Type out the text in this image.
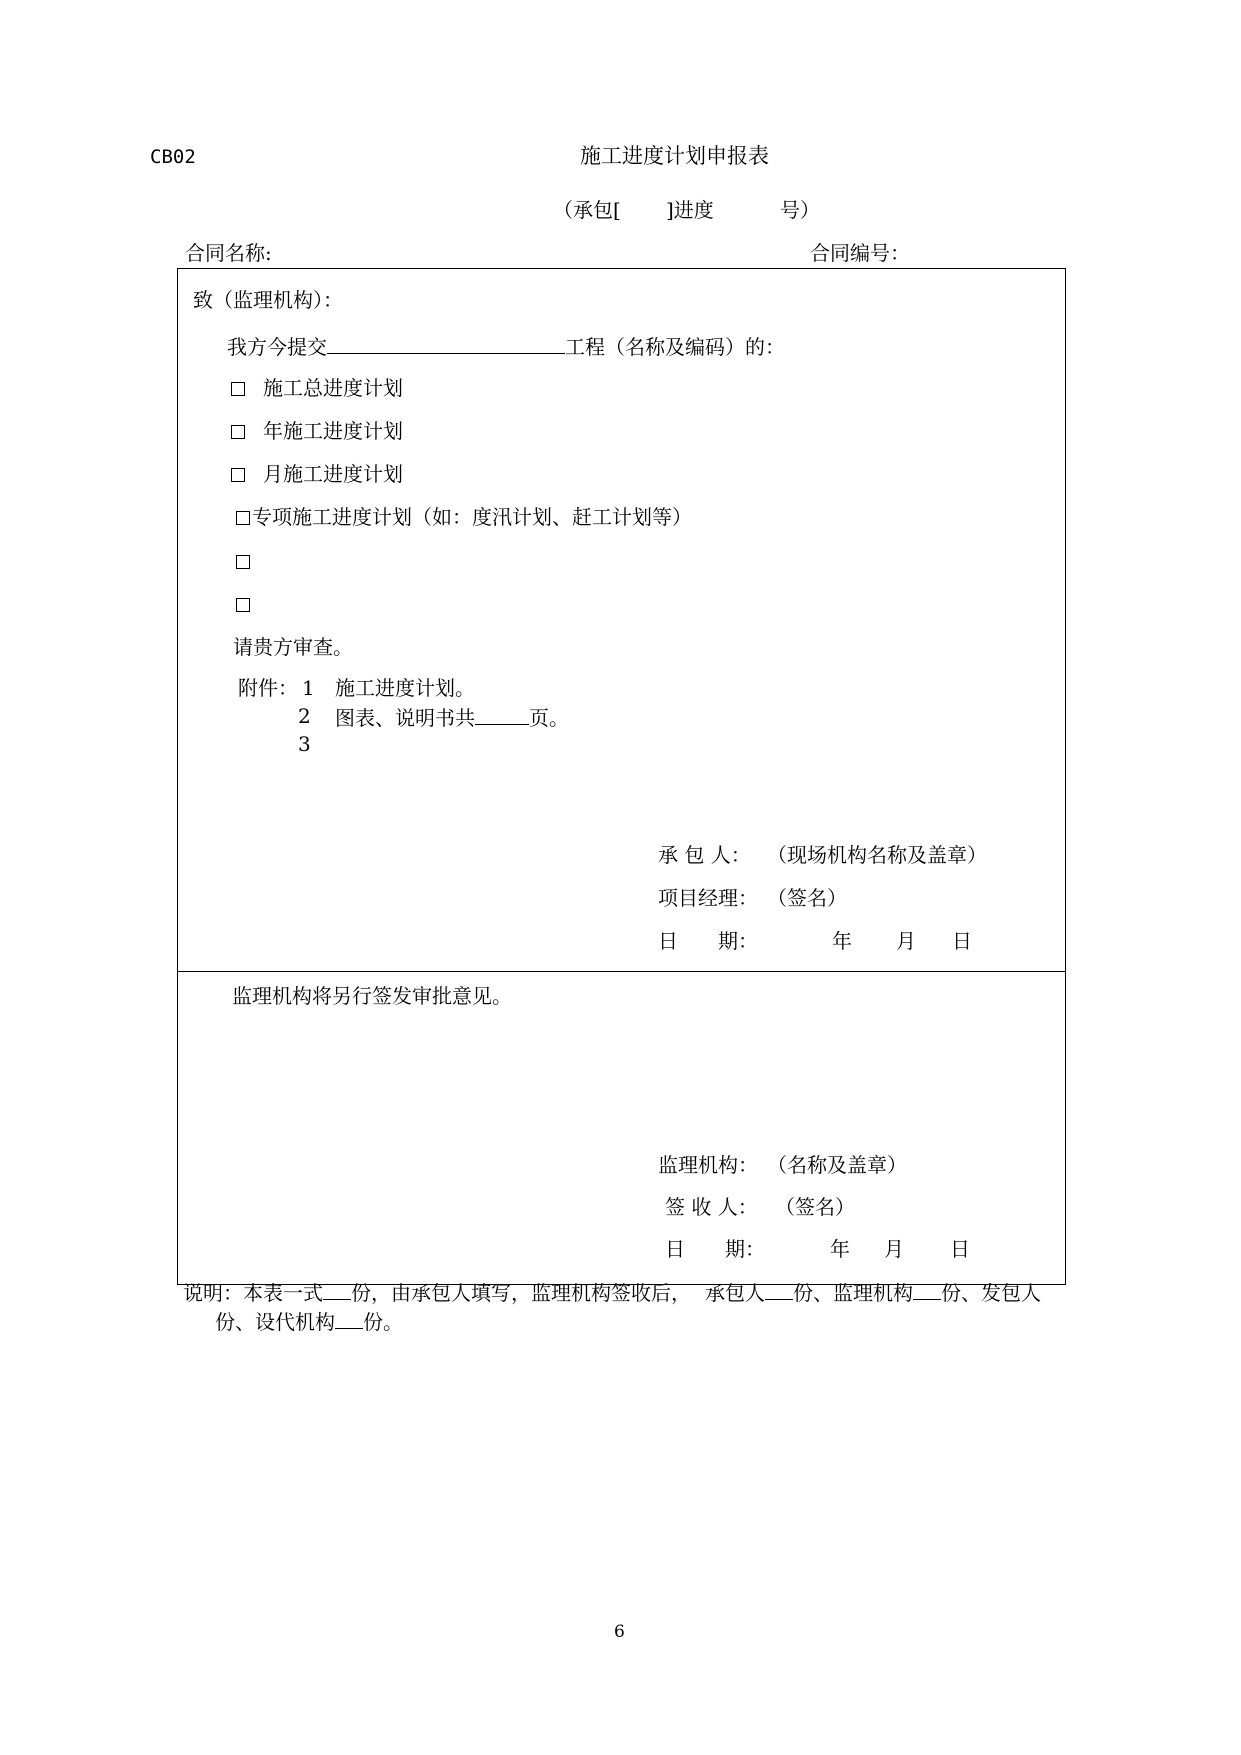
CB02	施工进度计划申报表
（承包[ ]进度	号）
合同名称:	合同编号：
致（监理机构）：
我方今提交	工程（名称及编码）的：
施工总进度计划
年施工进度计划
月施工进度计划
专项施工进度计划（如：度汛计划、赶工计划等）
请贵方审查。
附件： 1 施工进度计划。
2 图表、说明书共	页。
3
承 包 人： （现场机构名称及盖章）
项目经理： （签名）
日　　期：	年 月 日
监理机构将另行签发审批意见。
监理机构： （名称及盖章）
签 收 人： （签名）
日　　期：	年 月 日
说明：本表一式 份，由承包人填写，监理机构签收后， 承包人 份、监理机构 份、发包人
份、设代机构 份。
6
